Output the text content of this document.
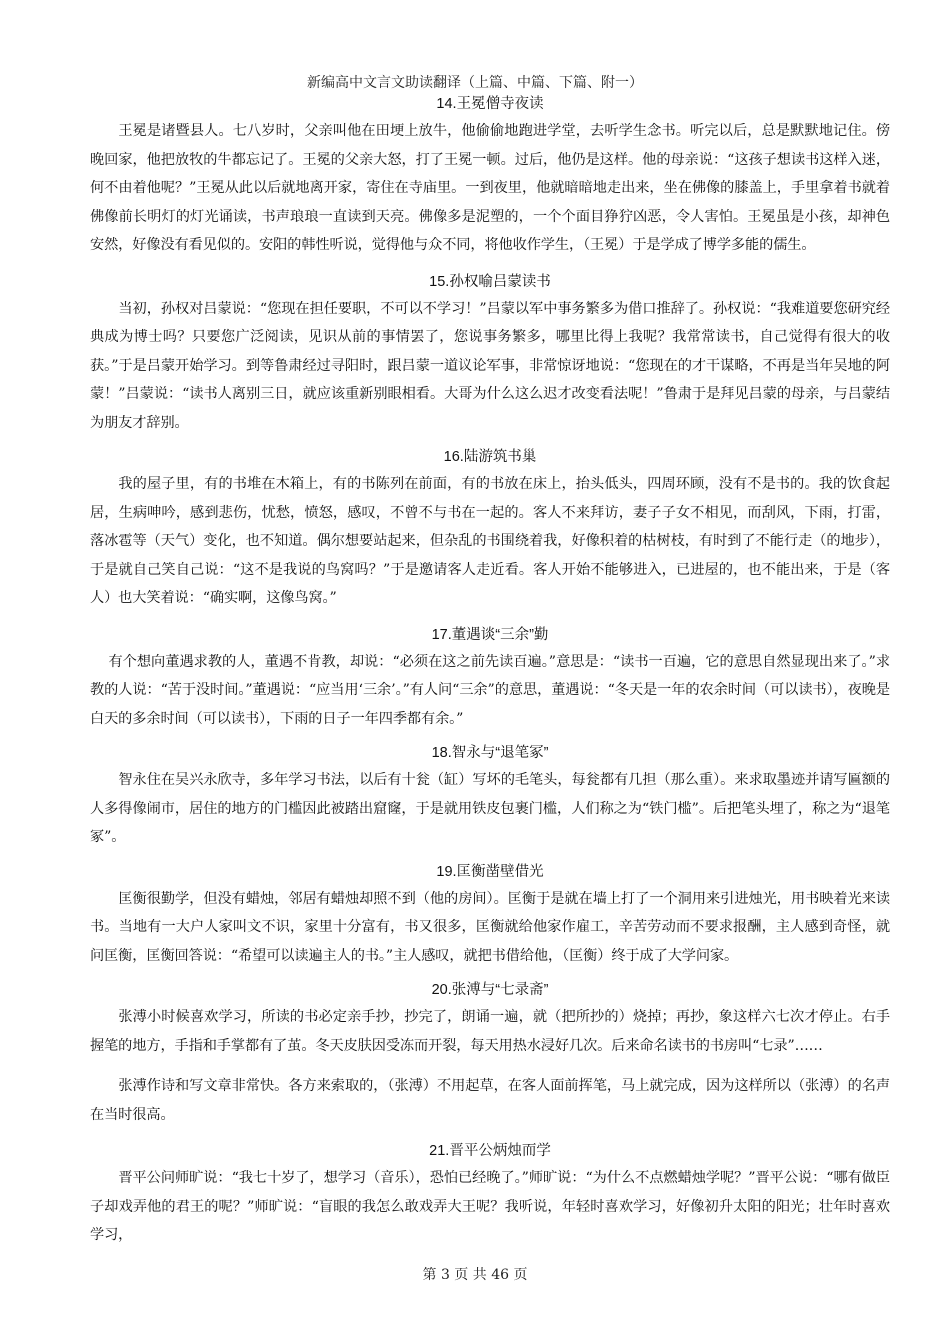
新编高中文言文助读翻译（上篇、中篇、下篇、附一）
14.王冕僧寺夜读

王冕是诸暨县人。七八岁时，父亲叫他在田埂上放牛，他偷偷地跑进学堂，去听学生念书。听完以后，总是默默地记住。傍晚回家，他把放牧的牛都忘记了。王冕的父亲大怒，打了王冕一顿。过后，他仍是这样。他的母亲说：“这孩子想读书这样入迷，何不由着他呢？”王冕从此以后就地离开家，寄住在寺庙里。一到夜里，他就暗暗地走出来，坐在佛像的膝盖上，手里拿着书就着佛像前长明灯的灯光诵读，书声琅琅一直读到天亮。佛像多是泥塑的，一个个面目狰狞凶恶，令人害怕。王冕虽是小孩，却神色安然，好像没有看见似的。安阳的韩性听说，觉得他与众不同，将他收作学生，（王冕）于是学成了博学多能的儒生。

15.孙权喻吕蒙读书

当初，孙权对吕蒙说：“您现在担任要职，不可以不学习！”吕蒙以军中事务繁多为借口推辞了。孙权说：“我难道要您研究经典成为博士吗？只要您广泛阅读，见识从前的事情罢了，您说事务繁多，哪里比得上我呢？我常常读书，自己觉得有很大的收获。”于是吕蒙开始学习。到等鲁肃经过寻阳时，跟吕蒙一道议论军事，非常惊讶地说：“您现在的才干谋略，不再是当年吴地的阿蒙！”吕蒙说：“读书人离别三日，就应该重新别眼相看。大哥为什么这么迟才改变看法呢！”鲁肃于是拜见吕蒙的母亲，与吕蒙结为朋友才辞别。

16.陆游筑书巢

我的屋子里，有的书堆在木箱上，有的书陈列在前面，有的书放在床上，抬头低头，四周环顾，没有不是书的。我的饮食起居，生病呻吟，感到悲伤，忧愁，愤怒，感叹，不曾不与书在一起的。客人不来拜访，妻子子女不相见，而刮风，下雨，打雷，落冰雹等（天气）变化，也不知道。偶尔想要站起来，但杂乱的书围绕着我，好像积着的枯树枝，有时到了不能行走（的地步），于是就自己笑自己说：“这不是我说的鸟窝吗？”于是邀请客人走近看。客人开始不能够进入，已进屋的，也不能出来，于是（客人）也大笑着说：“确实啊，这像鸟窝。”

17.董遇谈“三余”勤

有个想向董遇求教的人，董遇不肯教，却说：“必须在这之前先读百遍。”意思是：“读书一百遍，它的意思自然显现出来了。”求教的人说：“苦于没时间。”董遇说：“应当用‘三余’。”有人问“三余”的意思，董遇说：“冬天是一年的农余时间（可以读书），夜晚是白天的多余时间（可以读书），下雨的日子一年四季都有余。”

18.智永与“退笔冢”

智永住在吴兴永欣寺，多年学习书法，以后有十瓮（缸）写坏的毛笔头，每瓮都有几担（那么重）。来求取墨迹并请写匾额的人多得像闹市，居住的地方的门槛因此被踏出窟窿，于是就用铁皮包裹门槛，人们称之为“铁门槛”。后把笔头埋了，称之为“退笔冢”。

19.匡衡凿壁借光

匡衡很勤学，但没有蜡烛，邻居有蜡烛却照不到（他的房间）。匡衡于是就在墙上打了一个洞用来引进烛光，用书映着光来读书。当地有一大户人家叫文不识，家里十分富有，书又很多，匡衡就给他家作雇工，辛苦劳动而不要求报酬，主人感到奇怪，就问匡衡，匡衡回答说：“希望可以读遍主人的书。”主人感叹，就把书借给他，（匡衡）终于成了大学问家。

20.张溥与“七录斋”

张溥小时候喜欢学习，所读的书必定亲手抄，抄完了，朗诵一遍，就（把所抄的）烧掉；再抄，象这样六七次才停止。右手握笔的地方，手指和手掌都有了茧。冬天皮肤因受冻而开裂，每天用热水浸好几次。后来命名读书的书房叫“七录”……

张溥作诗和写文章非常快。各方来索取的，（张溥）不用起草，在客人面前挥笔，马上就完成，因为这样所以（张溥）的名声在当时很高。

21.晋平公炳烛而学

晋平公问师旷说：“我七十岁了，想学习（音乐），恐怕已经晚了。”师旷说：“为什么不点燃蜡烛学呢？”晋平公说：“哪有做臣子却戏弄他的君王的呢？”师旷说：“盲眼的我怎么敢戏弄大王呢？我听说，年轻时喜欢学习，好像初升太阳的阳光；壮年时喜欢学习，

第 3 页 共 46 页
